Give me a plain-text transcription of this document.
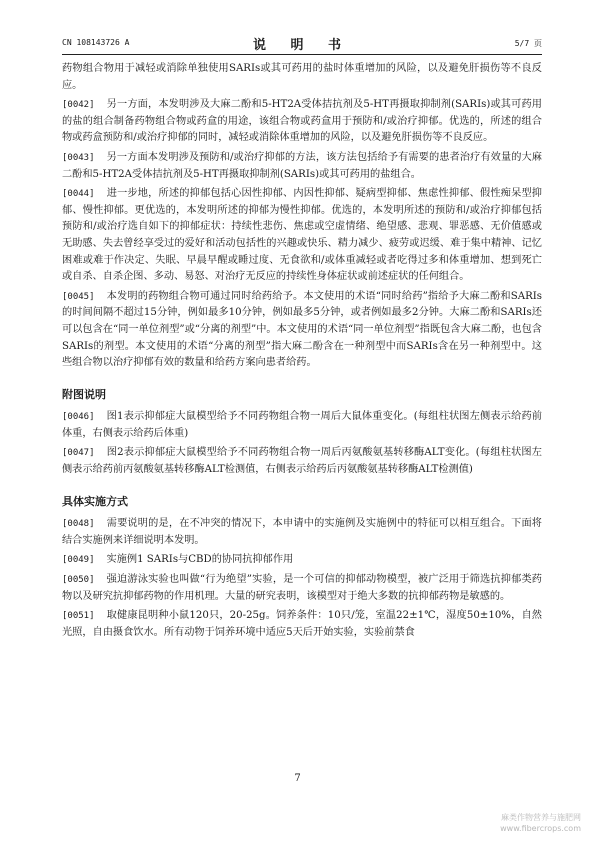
CN 108143726 A	说 明 书	5/7 页

药物组合物用于减轻或消除单独使用SARIs或其可药用的盐时体重增加的风险，以及避免肝损伤等不良反应。

[0042] 另一方面，本发明涉及大麻二酚和5-HT2A受体拮抗剂及5-HT再摄取抑制剂(SARIs)或其可药用的盐的组合制备药物组合物或药盒的用途，该组合物或药盒用于预防和/或治疗抑郁。优选的，所述的组合物或药盒预防和/或治疗抑郁的同时，减轻或消除体重增加的风险，以及避免肝损伤等不良反应。

[0043] 另一方面本发明涉及预防和/或治疗抑郁的方法，该方法包括给予有需要的患者治疗有效量的大麻二酚和5-HT2A受体拮抗剂及5-HT再摄取抑制剂(SARIs)或其可药用的盐组合。

[0044] 进一步地，所述的抑郁包括心因性抑郁、内因性抑郁、疑病型抑郁、焦虑性抑郁、假性痴呆型抑郁、慢性抑郁。更优选的，本发明所述的抑郁为慢性抑郁。优选的，本发明所述的预防和/或治疗抑郁包括预防和/或治疗选自如下的抑郁症状：持续性悲伤、焦虑或空虚情绪、绝望感、悲观、罪恶感、无价值感或无助感、失去曾经享受过的爱好和活动包括性的兴趣或快乐、精力减少、疲劳或迟缓、难于集中精神、记忆困难或难于作决定、失眠、早晨早醒或睡过度、无食欲和/或体重减轻或者吃得过多和体重增加、想到死亡或自杀、自杀企图、多动、易怒、对治疗无反应的持续性身体症状或前述症状的任何组合。

[0045] 本发明的药物组合物可通过同时给药给予。本文使用的术语“同时给药”指给予大麻二酚和SARIs的时间间隔不超过15分钟，例如最多10分钟，例如最多5分钟，或者例如最多2分钟。大麻二酚和SARIs还可以包含在“同一单位剂型”或“分离的剂型”中。本文使用的术语“同一单位剂型”指既包含大麻二酚，也包含SARIs的剂型。本文使用的术语“分离的剂型”指大麻二酚含在一种剂型中而SARIs含在另一种剂型中。这些组合物以治疗抑郁有效的数量和给药方案向患者给药。

附图说明

[0046] 图1表示抑郁症大鼠模型给予不同药物组合物一周后大鼠体重变化。(每组柱状图左侧表示给药前体重，右侧表示给药后体重)

[0047] 图2表示抑郁症大鼠模型给予不同药物组合物一周后丙氨酸氨基转移酶ALT变化。(每组柱状图左侧表示给药前丙氨酸氨基转移酶ALT检测值，右侧表示给药后丙氨酸氨基转移酶ALT检测值)

具体实施方式

[0048] 需要说明的是，在不冲突的情况下，本申请中的实施例及实施例中的特征可以相互组合。下面将结合实施例来详细说明本发明。

[0049] 实施例1 SARIs与CBD的协同抗抑郁作用

[0050] 强迫游泳实验也叫做“行为绝望”实验，是一个可信的抑郁动物模型，被广泛用于筛选抗抑郁类药物以及研究抗抑郁药物的作用机理。大量的研究表明，该模型对于绝大多数的抗抑郁药物是敏感的。

[0051] 取健康昆明种小鼠120只，20-25g。饲养条件：10只/笼，室温22±1℃，湿度50±10%，自然光照，自由摄食饮水。所有动物于饲养环境中适应5天后开始实验，实验前禁食

7
麻类作物营养与施肥网
www.fibercrops.com
